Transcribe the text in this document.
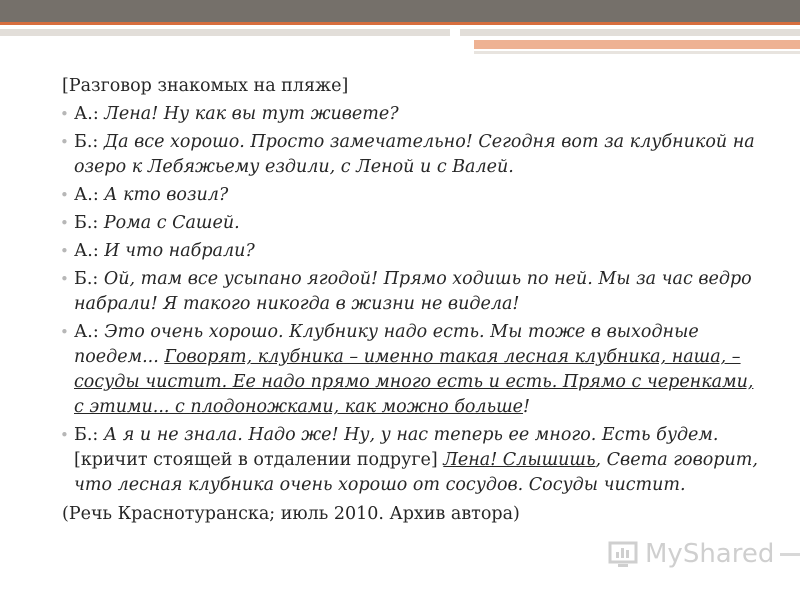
[Разговор знакомых на пляже]
• А.: Лена! Ну как вы тут живете?
• Б.: Да все хорошо. Просто замечательно! Сегодня вот за клубникой на озеро к Лебяжьему ездили, с Леной и с Валей.
• А.: А кто возил?
• Б.: Рома с Сашей.
• А.: И что набрали?
• Б.: Ой, там все усыпано ягодой! Прямо ходишь по ней. Мы за час ведро набрали! Я такого никогда в жизни не видела!
• А.: Это очень хорошо. Клубнику надо есть. Мы тоже в выходные поедем... Говорят, клубника – именно такая лесная клубника, наша, – сосуды чистит. Ее надо прямо много есть и есть. Прямо с черенками, с этими... с плодоножками, как можно больше!
• Б.: А я и не знала. Надо же! Ну, у нас теперь ее много. Есть будем. [кричит стоящей в отдалении подруге] Лена! Слышишь, Света говорит, что лесная клубника очень хорошо от сосудов. Сосуды чистит.
(Речь Краснотуранска; июль 2010. Архив автора)
MyShared
